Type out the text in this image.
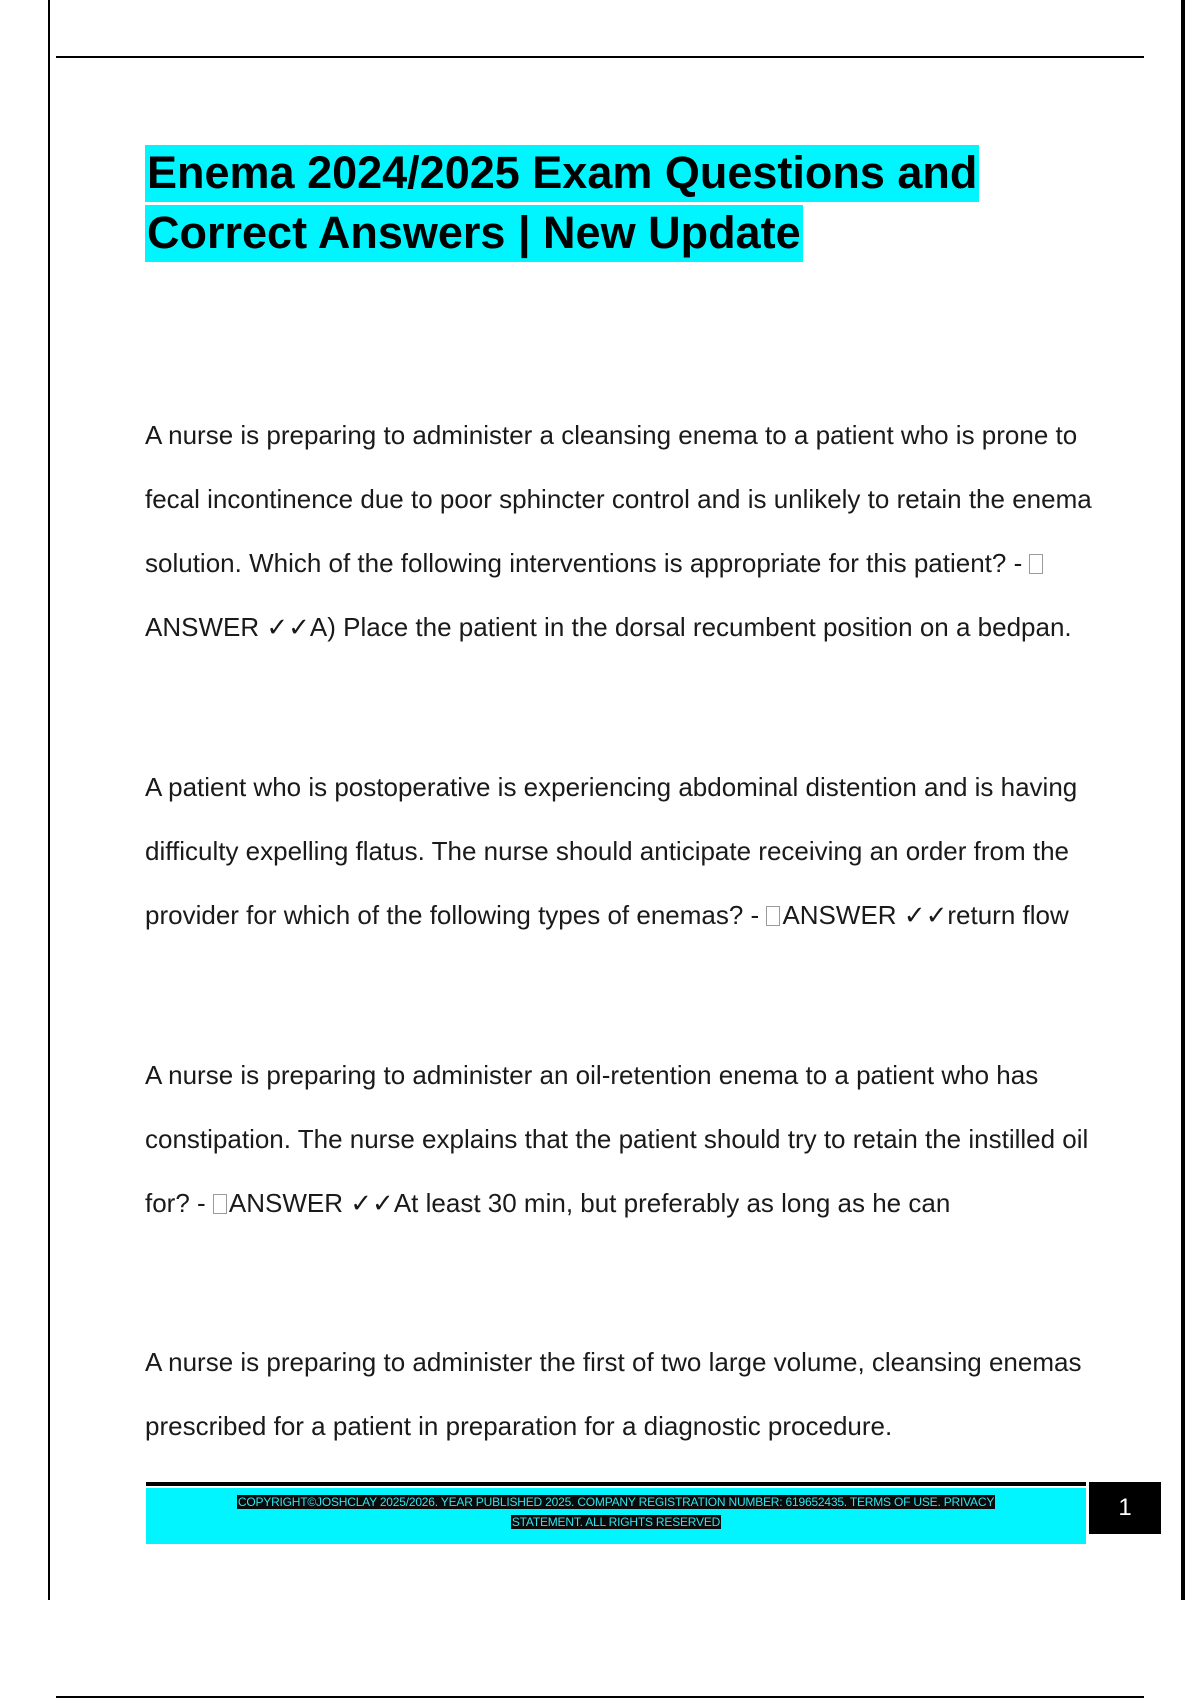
Enema 2024/2025 Exam Questions and
Correct Answers | New Update

A nurse is preparing to administer a cleansing enema to a patient who is prone to fecal incontinence due to poor sphincter control and is unlikely to retain the enema solution. Which of the following interventions is appropriate for this patient? - ANSWER ✓✓A) Place the patient in the dorsal recumbent position on a bedpan.

A patient who is postoperative is experiencing abdominal distention and is having difficulty expelling flatus. The nurse should anticipate receiving an order from the provider for which of the following types of enemas? - ANSWER ✓✓return flow

A nurse is preparing to administer an oil-retention enema to a patient who has constipation. The nurse explains that the patient should try to retain the instilled oil for? - ANSWER ✓✓At least 30 min, but preferably as long as he can

A nurse is preparing to administer the first of two large volume, cleansing enemas prescribed for a patient in preparation for a diagnostic procedure.

COPYRIGHT©JOSHCLAY 2025/2026. YEAR PUBLISHED 2025. COMPANY REGISTRATION NUMBER: 619652435. TERMS OF USE. PRIVACY
STATEMENT. ALL RIGHTS RESERVED
1
